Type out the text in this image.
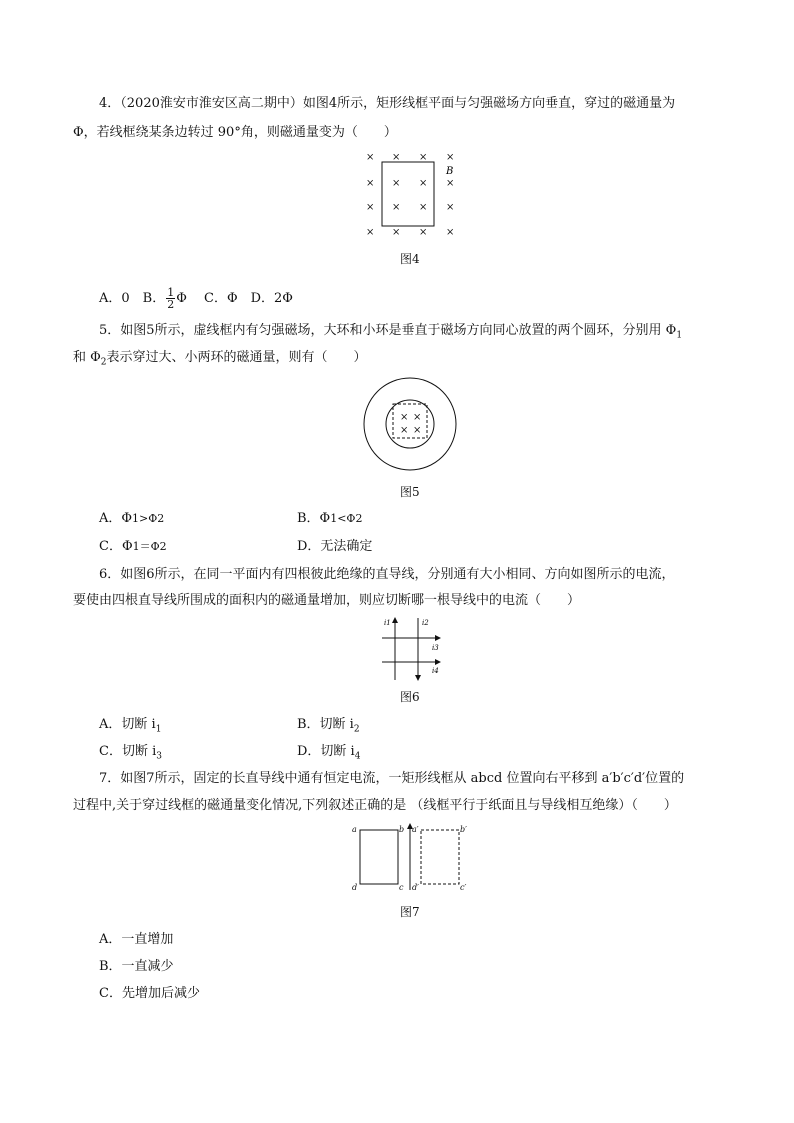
4．（2020淮安市淮安区高二期中）如图4所示，矩形线框平面与匀强磁场方向垂直，穿过的磁通量为
Φ，若线框绕某条边转过 90°角，则磁通量变为（　　）
× × × ×
× × × ×
× × × ×
× × × ×
B
图4
A．0　B． $\frac{1}{2}$ Φ　 C．Φ　D．2Φ
5．如图5所示，虚线框内有匀强磁场，大环和小环是垂直于磁场方向同心放置的两个圆环，分别用 $\Phi_1$
和 $\Phi_2$表示穿过大、小两环的磁通量，则有（　　）
× ×
× ×
图5
A．Φ1>Φ2	B．Φ1<Φ2
C．Φ1＝Φ2	D．无法确定
6．如图6所示，在同一平面内有四根彼此绝缘的直导线，分别通有大小相同、方向如图所示的电流，
要使由四根直导线所围成的面积内的磁通量增加，则应切断哪一根导线中的电流（　　）
i1	i2
i3
i4
图6
A．切断 $i_1$	B．切断 $i_2$
C．切断 $i_3$	D．切断 $i_4$
7．如图7所示，固定的长直导线中通有恒定电流，一矩形线框从 abcd 位置向右平移到 a′b′c′d′位置的
过程中,关于穿过线框的磁通量变化情况,下列叙述正确的是 （线框平行于纸面且与导线相互绝缘）（　　）
a	b
c
d
a′	b′
c′
d′
图7
A．一直增加
B．一直减少
C．先增加后减少
